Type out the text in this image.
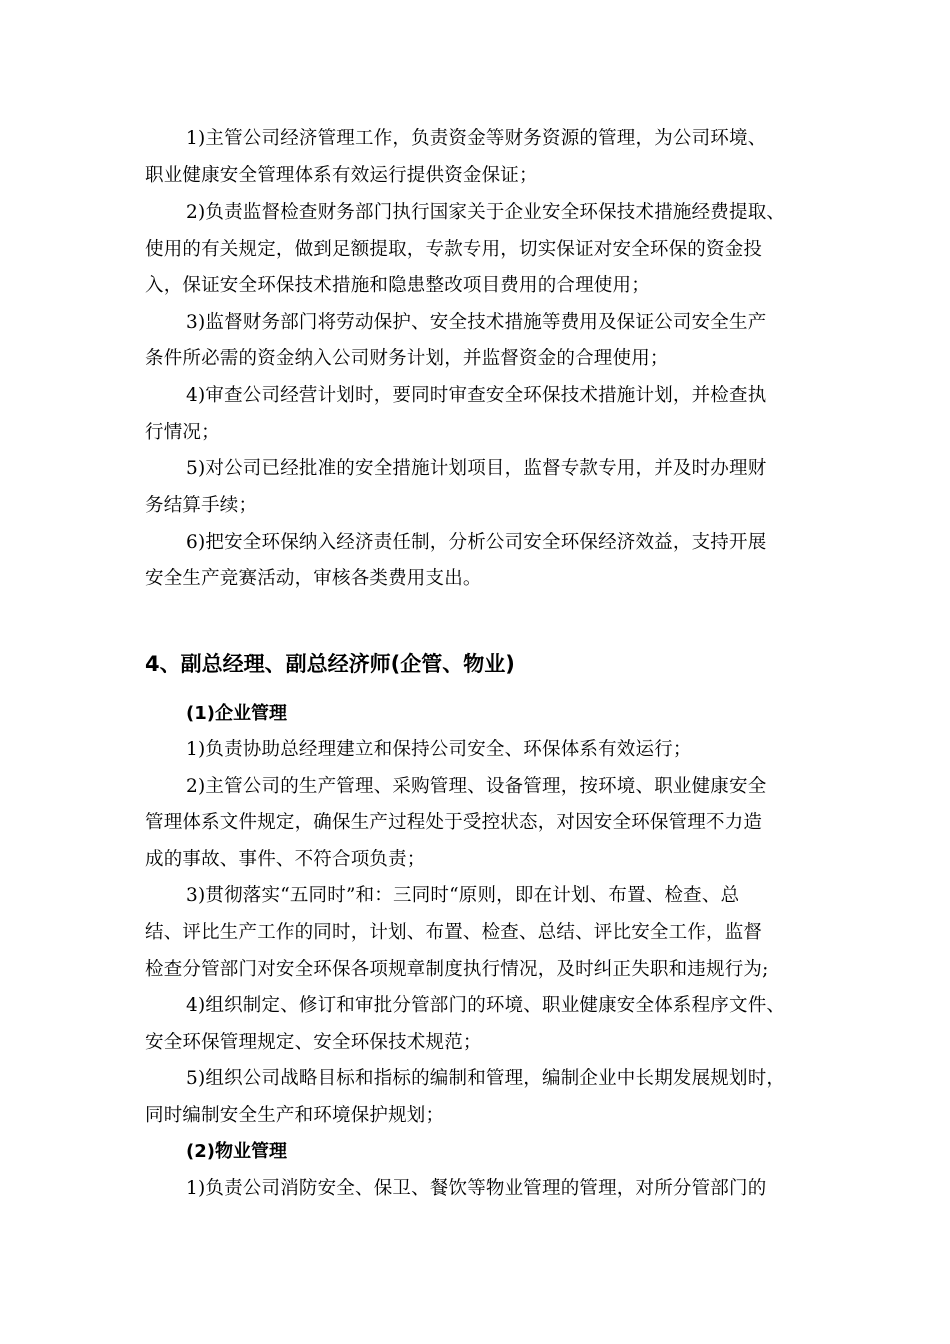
1)主管公司经济管理工作，负责资金等财务资源的管理，为公司环境、
职业健康安全管理体系有效运行提供资金保证；
2)负责监督检查财务部门执行国家关于企业安全环保技术措施经费提取、
使用的有关规定，做到足额提取，专款专用，切实保证对安全环保的资金投
入，保证安全环保技术措施和隐患整改项目费用的合理使用；
3)监督财务部门将劳动保护、安全技术措施等费用及保证公司安全生产
条件所必需的资金纳入公司财务计划，并监督资金的合理使用；
4)审查公司经营计划时，要同时审查安全环保技术措施计划，并检查执
行情况；
5)对公司已经批准的安全措施计划项目，监督专款专用，并及时办理财
务结算手续；
6)把安全环保纳入经济责任制，分析公司安全环保经济效益，支持开展
安全生产竞赛活动，审核各类费用支出。
4、副总经理、副总经济师(企管、物业)
(1)企业管理
1)负责协助总经理建立和保持公司安全、环保体系有效运行；
2)主管公司的生产管理、采购管理、设备管理，按环境、职业健康安全
管理体系文件规定，确保生产过程处于受控状态，对因安全环保管理不力造
成的事故、事件、不符合项负责；
3)贯彻落实“五同时”和：三同时“原则，即在计划、布置、检查、总
结、评比生产工作的同时，计划、布置、检查、总结、评比安全工作，监督
检查分管部门对安全环保各项规章制度执行情况，及时纠正失职和违规行为;
4)组织制定、修订和审批分管部门的环境、职业健康安全体系程序文件、
安全环保管理规定、安全环保技术规范；
5)组织公司战略目标和指标的编制和管理，编制企业中长期发展规划时，
同时编制安全生产和环境保护规划；
(2)物业管理
1)负责公司消防安全、保卫、餐饮等物业管理的管理，对所分管部门的
